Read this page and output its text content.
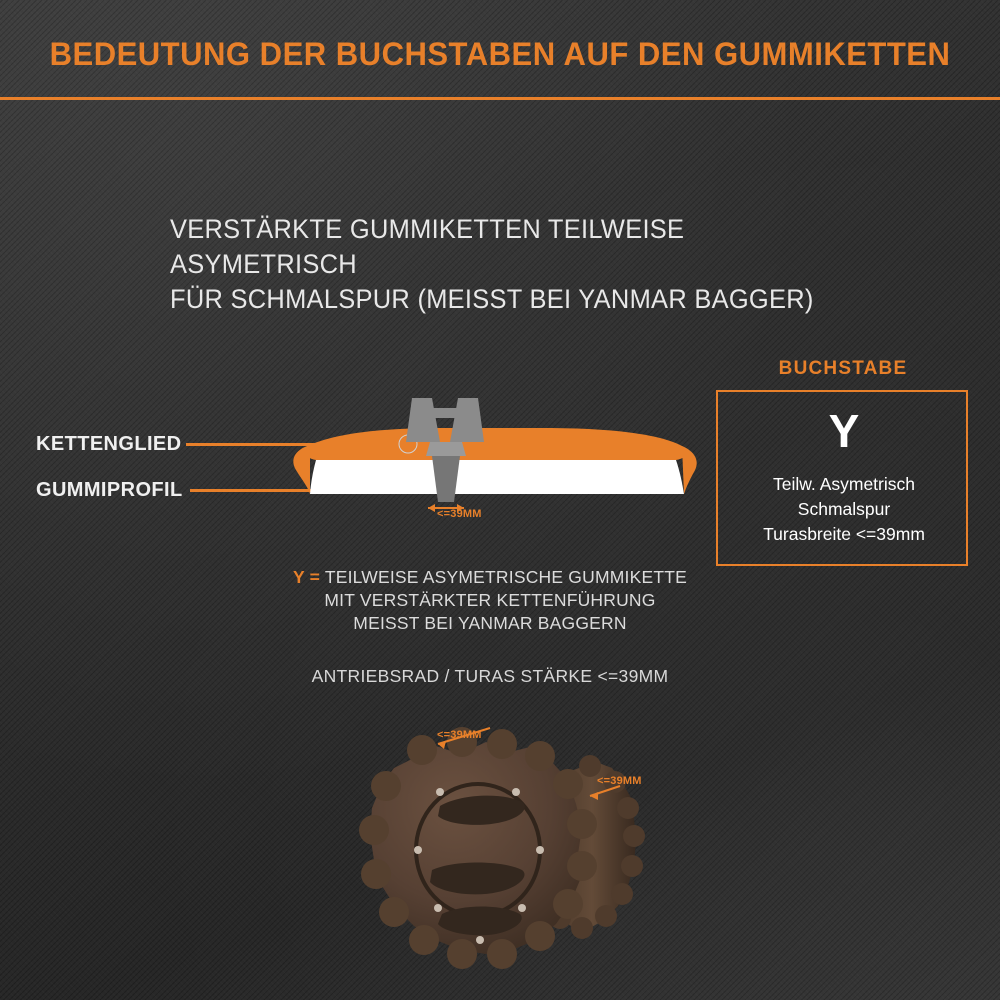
BEDEUTUNG DER BUCHSTABEN AUF DEN GUMMIKETTEN
VERSTÄRKTE GUMMIKETTEN TEILWEISE ASYMETRISCH
FÜR SCHMALSPUR (MEISST BEI YANMAR BAGGER)
KETTENGLIED
GUMMIPROFIL
<=39MM
BUCHSTABE
Y
Teilw. Asymetrisch
Schmalspur
Turasbreite <=39mm
Y = TEILWEISE ASYMETRISCHE GUMMIKETTE
MIT VERSTÄRKTER KETTENFÜHRUNG
MEISST BEI YANMAR BAGGERN
ANTRIEBSRAD / TURAS STÄRKE <=39MM
<=39MM
<=39MM
